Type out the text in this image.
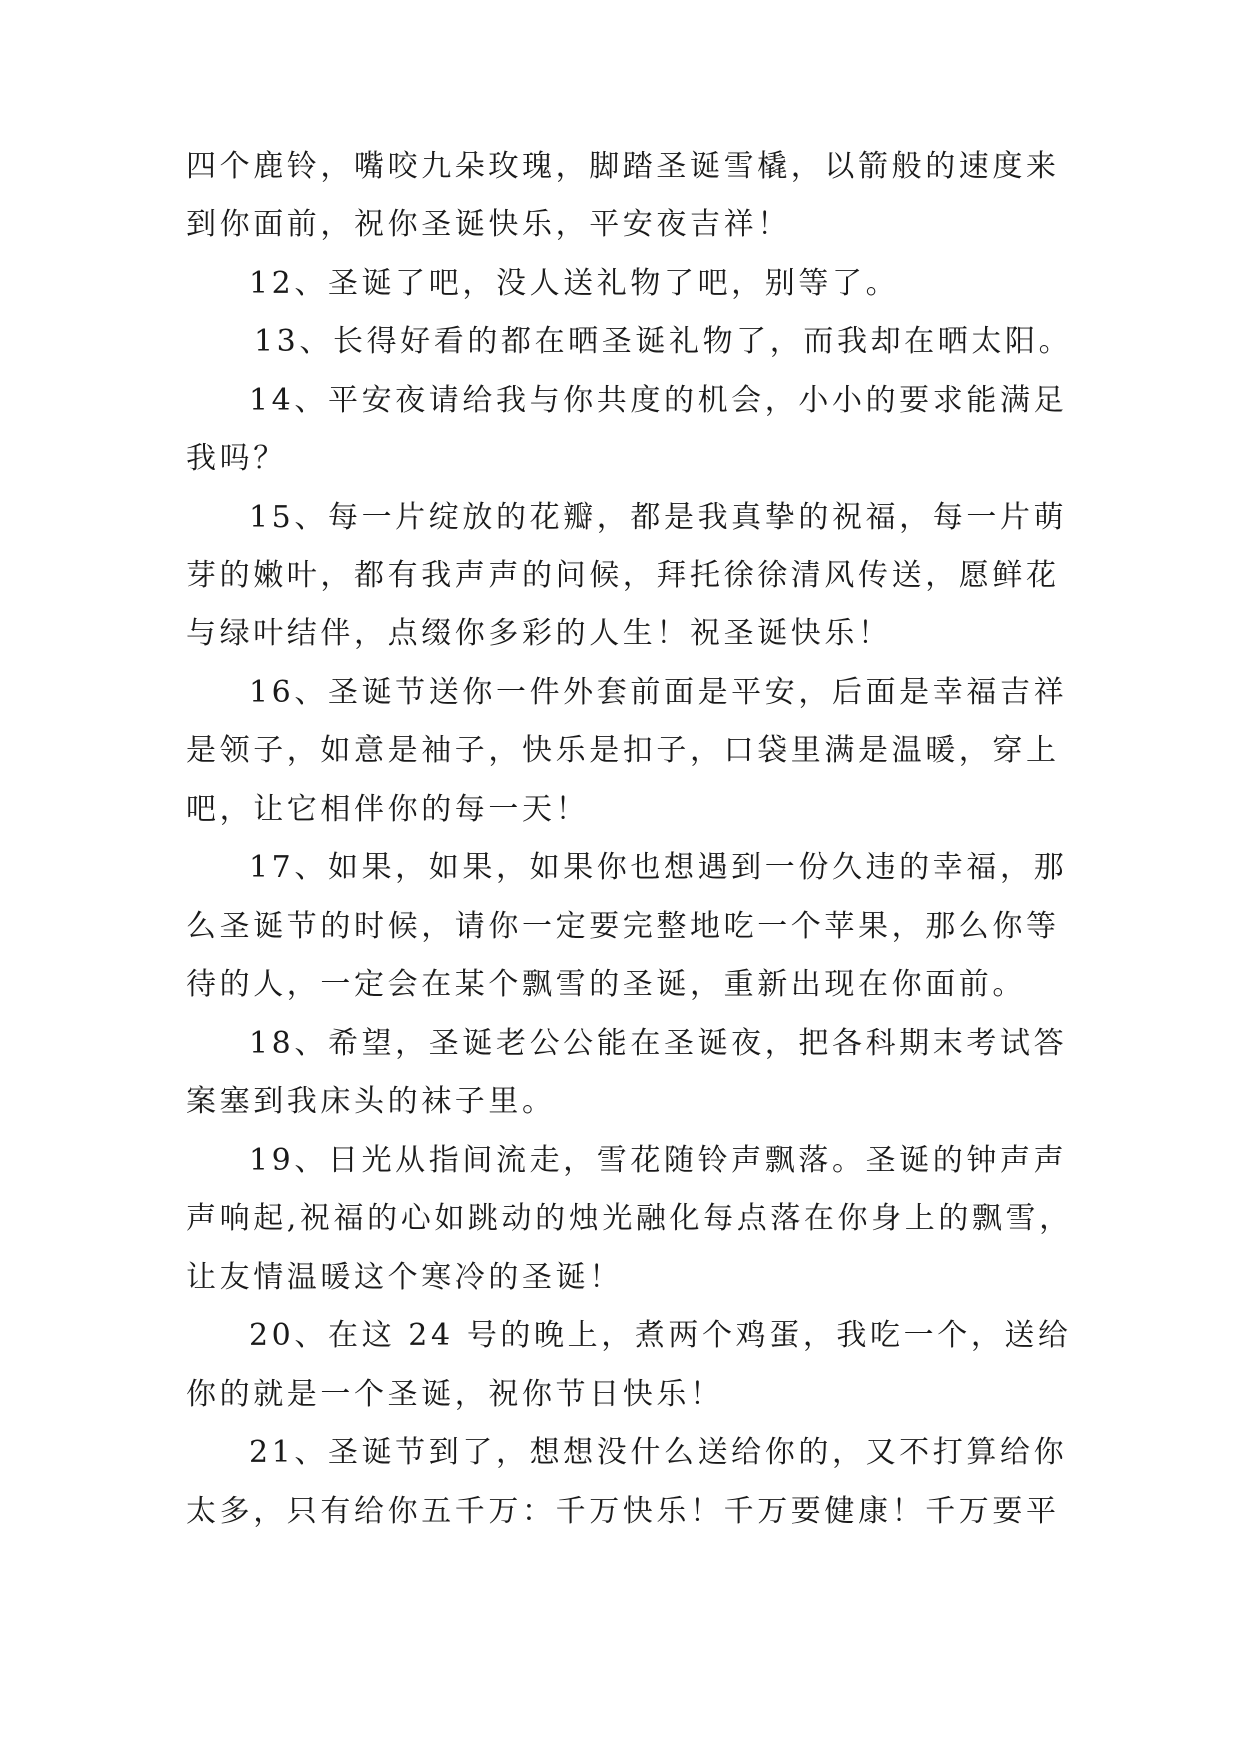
四个鹿铃，嘴咬九朵玫瑰，脚踏圣诞雪橇，以箭般的速度来

到你面前，祝你圣诞快乐，平安夜吉祥！

12、圣诞了吧，没人送礼物了吧，别等了。

13、长得好看的都在晒圣诞礼物了，而我却在晒太阳。

14、平安夜请给我与你共度的机会，小小的要求能满足

我吗？

15、每一片绽放的花瓣，都是我真挚的祝福，每一片萌

芽的嫩叶，都有我声声的问候，拜托徐徐清风传送，愿鲜花

与绿叶结伴，点缀你多彩的人生！祝圣诞快乐！

16、圣诞节送你一件外套前面是平安，后面是幸福吉祥

是领子，如意是袖子，快乐是扣子，口袋里满是温暖，穿上

吧，让它相伴你的每一天！

17、如果，如果，如果你也想遇到一份久违的幸福，那

么圣诞节的时候，请你一定要完整地吃一个苹果，那么你等

待的人，一定会在某个飘雪的圣诞，重新出现在你面前。

18、希望，圣诞老公公能在圣诞夜，把各科期末考试答

案塞到我床头的袜子里。

19、日光从指间流走，雪花随铃声飘落。圣诞的钟声声

声响起,祝福的心如跳动的烛光融化每点落在你身上的飘雪，

让友情温暖这个寒冷的圣诞！

20、在这 24 号的晚上，煮两个鸡蛋，我吃一个，送给

你的就是一个圣诞，祝你节日快乐！

21、圣诞节到了，想想没什么送给你的，又不打算给你

太多，只有给你五千万：千万快乐！千万要健康！千万要平
